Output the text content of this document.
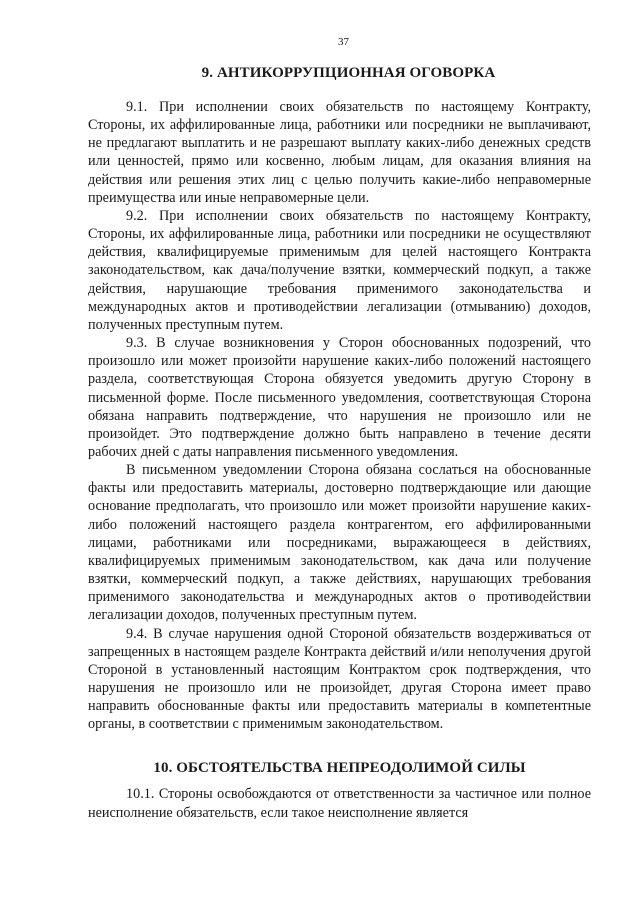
37
9. АНТИКОРРУПЦИОННАЯ ОГОВОРКА

9.1. При исполнении своих обязательств по настоящему Контракту, Стороны, их аффилированные лица, работники или посредники не выплачивают, не предлагают выплатить и не разрешают выплату каких-либо денежных средств или ценностей, прямо или косвенно, любым лицам, для оказания влияния на действия или решения этих лиц с целью получить какие-либо неправомерные преимущества или иные неправомерные цели.

9.2. При исполнении своих обязательств по настоящему Контракту, Стороны, их аффилированные лица, работники или посредники не осуществляют действия, квалифицируемые применимым для целей настоящего Контракта законодательством, как дача/получение взятки, коммерческий подкуп, а также действия, нарушающие требования применимого законодательства и международных актов и противодействии легализации (отмыванию) доходов, полученных преступным путем.

9.3. В случае возникновения у Сторон обоснованных подозрений, что произошло или может произойти нарушение каких-либо положений настоящего раздела, соответствующая Сторона обязуется уведомить другую Сторону в письменной форме. После письменного уведомления, соответствующая Сторона обязана направить подтверждение, что нарушения не произошло или не произойдет. Это подтверждение должно быть направлено в течение десяти рабочих дней с даты направления письменного уведомления.

В письменном уведомлении Сторона обязана сослаться на обоснованные факты или предоставить материалы, достоверно подтверждающие или дающие основание предполагать, что произошло или может произойти нарушение каких-либо положений настоящего раздела контрагентом, его аффилированными лицами, работниками или посредниками, выражающееся в действиях, квалифицируемых применимым законодательством, как дача или получение взятки, коммерческий подкуп, а также действиях, нарушающих требования применимого законодательства и международных актов о противодействии легализации доходов, полученных преступным путем.

9.4. В случае нарушения одной Стороной обязательств воздерживаться от запрещенных в настоящем разделе Контракта действий и/или неполучения другой Стороной в установленный настоящим Контрактом срок подтверждения, что нарушения не произошло или не произойдет, другая Сторона имеет право направить обоснованные факты или предоставить материалы в компетентные органы, в соответствии с применимым законодательством.

10. ОБСТОЯТЕЛЬСТВА НЕПРЕОДОЛИМОЙ СИЛЫ

10.1. Стороны освобождаются от ответственности за частичное или полное неисполнение обязательств, если такое неисполнение является
